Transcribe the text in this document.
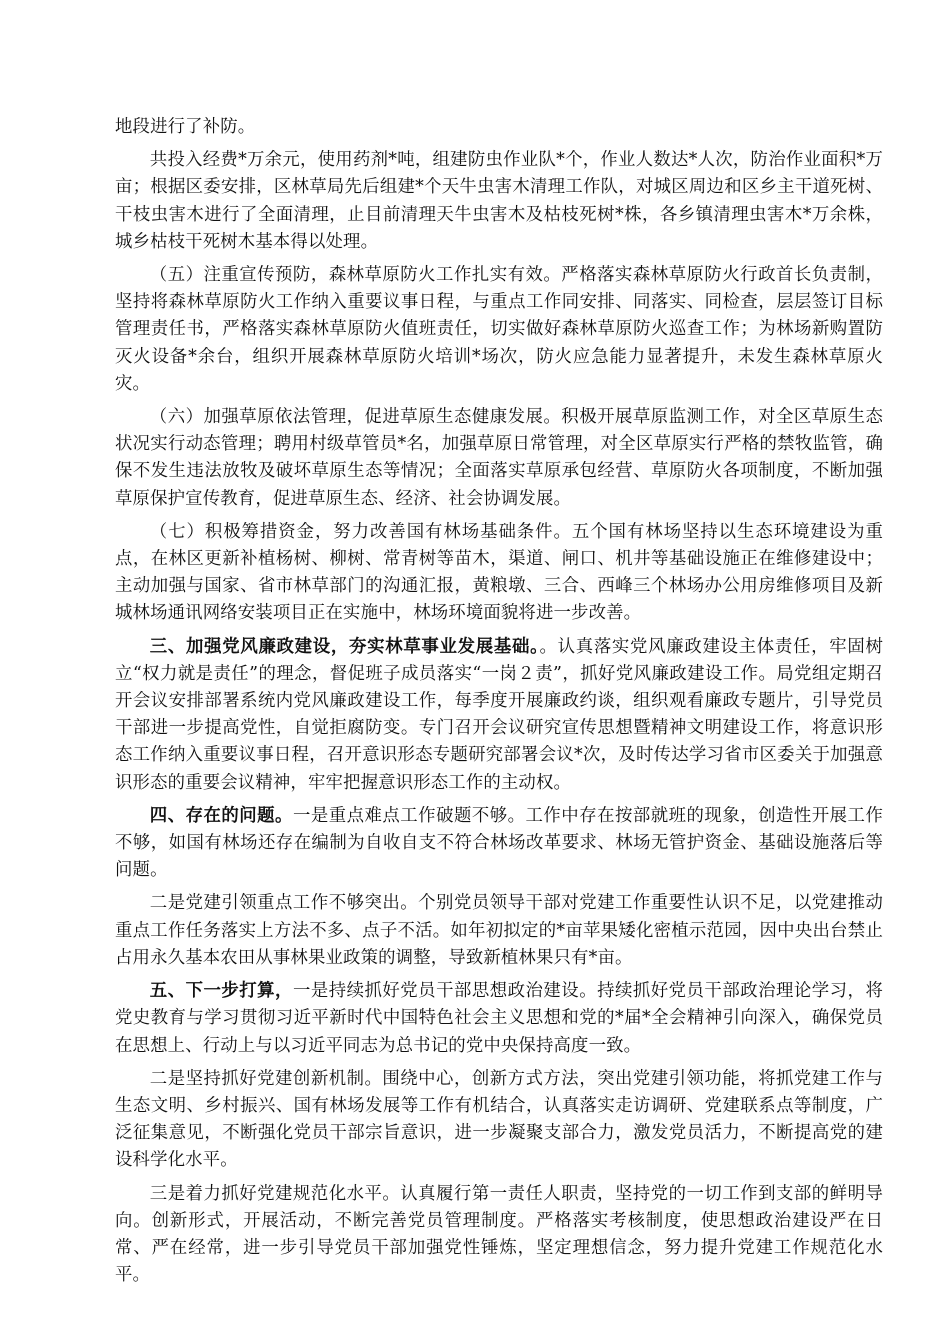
地段进行了补防。

共投入经费*万余元，使用药剂*吨，组建防虫作业队*个，作业人数达*人次，防治作业面积*万亩；根据区委安排，区林草局先后组建*个天牛虫害木清理工作队，对城区周边和区乡主干道死树、干枝虫害木进行了全面清理，止目前清理天牛虫害木及枯枝死树*株，各乡镇清理虫害木*万余株，城乡枯枝干死树木基本得以处理。

（五）注重宣传预防，森林草原防火工作扎实有效。严格落实森林草原防火行政首长负责制，坚持将森林草原防火工作纳入重要议事日程，与重点工作同安排、同落实、同检查，层层签订目标管理责任书，严格落实森林草原防火值班责任，切实做好森林草原防火巡查工作；为林场新购置防灭火设备*余台，组织开展森林草原防火培训*场次，防火应急能力显著提升，未发生森林草原火灾。

（六）加强草原依法管理，促进草原生态健康发展。积极开展草原监测工作，对全区草原生态状况实行动态管理；聘用村级草管员*名，加强草原日常管理，对全区草原实行严格的禁牧监管，确保不发生违法放牧及破坏草原生态等情况；全面落实草原承包经营、草原防火各项制度，不断加强草原保护宣传教育，促进草原生态、经济、社会协调发展。

（七）积极筹措资金，努力改善国有林场基础条件。五个国有林场坚持以生态环境建设为重点，在林区更新补植杨树、柳树、常青树等苗木，渠道、闸口、机井等基础设施正在维修建设中；主动加强与国家、省市林草部门的沟通汇报，黄粮墩、三合、西峰三个林场办公用房维修项目及新城林场通讯网络安装项目正在实施中，林场环境面貌将进一步改善。

三、加强党风廉政建设，夯实林草事业发展基础。。认真落实党风廉政建设主体责任，牢固树立“权力就是责任”的理念，督促班子成员落实“一岗２责”，抓好党风廉政建设工作。局党组定期召开会议安排部署系统内党风廉政建设工作，每季度开展廉政约谈，组织观看廉政专题片，引导党员干部进一步提高党性，自觉拒腐防变。专门召开会议研究宣传思想暨精神文明建设工作，将意识形态工作纳入重要议事日程，召开意识形态专题研究部署会议*次，及时传达学习省市区委关于加强意识形态的重要会议精神，牢牢把握意识形态工作的主动权。

四、存在的问题。一是重点难点工作破题不够。工作中存在按部就班的现象，创造性开展工作不够，如国有林场还存在编制为自收自支不符合林场改革要求、林场无管护资金、基础设施落后等问题。

二是党建引领重点工作不够突出。个别党员领导干部对党建工作重要性认识不足，以党建推动重点工作任务落实上方法不多、点子不活。如年初拟定的*亩苹果矮化密植示范园，因中央出台禁止占用永久基本农田从事林果业政策的调整，导致新植林果只有*亩。

五、下一步打算，一是持续抓好党员干部思想政治建设。持续抓好党员干部政治理论学习，将党史教育与学习贯彻习近平新时代中国特色社会主义思想和党的*届*全会精神引向深入，确保党员在思想上、行动上与以习近平同志为总书记的党中央保持高度一致。

二是坚持抓好党建创新机制。围绕中心，创新方式方法，突出党建引领功能，将抓党建工作与生态文明、乡村振兴、国有林场发展等工作有机结合，认真落实走访调研、党建联系点等制度，广泛征集意见，不断强化党员干部宗旨意识，进一步凝聚支部合力，激发党员活力，不断提高党的建设科学化水平。

三是着力抓好党建规范化水平。认真履行第一责任人职责，坚持党的一切工作到支部的鲜明导向。创新形式，开展活动，不断完善党员管理制度。严格落实考核制度，使思想政治建设严在日常、严在经常，进一步引导党员干部加强党性锤炼，坚定理想信念，努力提升党建工作规范化水平。
